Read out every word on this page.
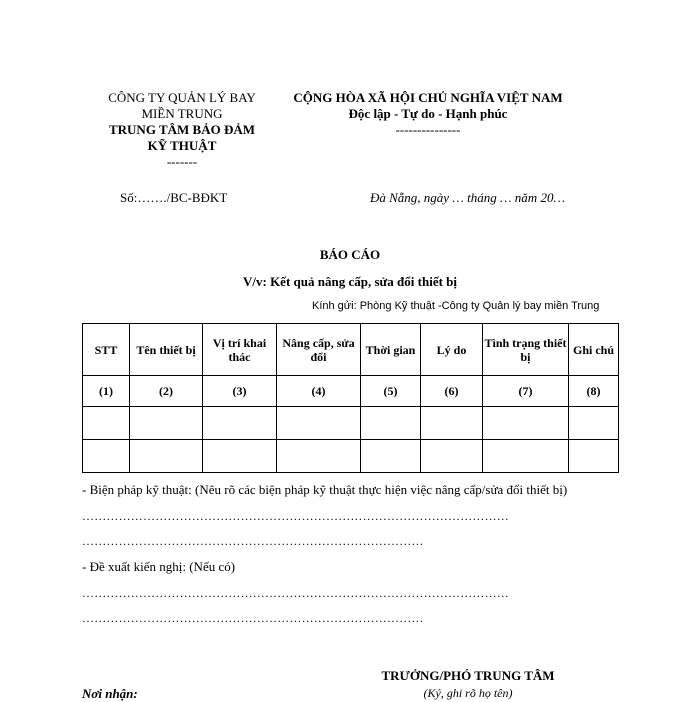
CÔNG TY QUẢN LÝ BAY
MIỀN TRUNG
TRUNG TÂM BẢO ĐẢM
KỸ THUẬT
-------
CỘNG HÒA XÃ HỘI CHỦ NGHĨA VIỆT NAM
Độc lập - Tự do - Hạnh phúc
---------------
Số:……./BC-BĐKT	Đà Nẵng, ngày … tháng … năm 20…
BÁO CÁO
V/v: Kết quả nâng cấp, sửa đổi thiết bị
Kính gửi: Phòng Kỹ thuật -Công ty Quản lý bay miền Trung
STT	Tên thiết bị	Vị trí khai thác	Nâng cấp, sửa đổi	Thời gian	Lý do	Tình trạng thiết bị	Ghi chú
(1)	(2)	(3)	(4)	(5)	(6)	(7)	(8)

- Biện pháp kỹ thuật: (Nêu rõ các biện pháp kỹ thuật thực hiện việc nâng cấp/sửa đổi thiết bị)
……………………………………………………………………………………………
…………………………………………………………………………
- Đề xuất kiến nghị: (Nếu có)
……………………………………………………………………………………………
…………………………………………………………………………
TRƯỞNG/PHÓ TRUNG TÂM
(Ký, ghi rõ họ tên)
Nơi nhận:
